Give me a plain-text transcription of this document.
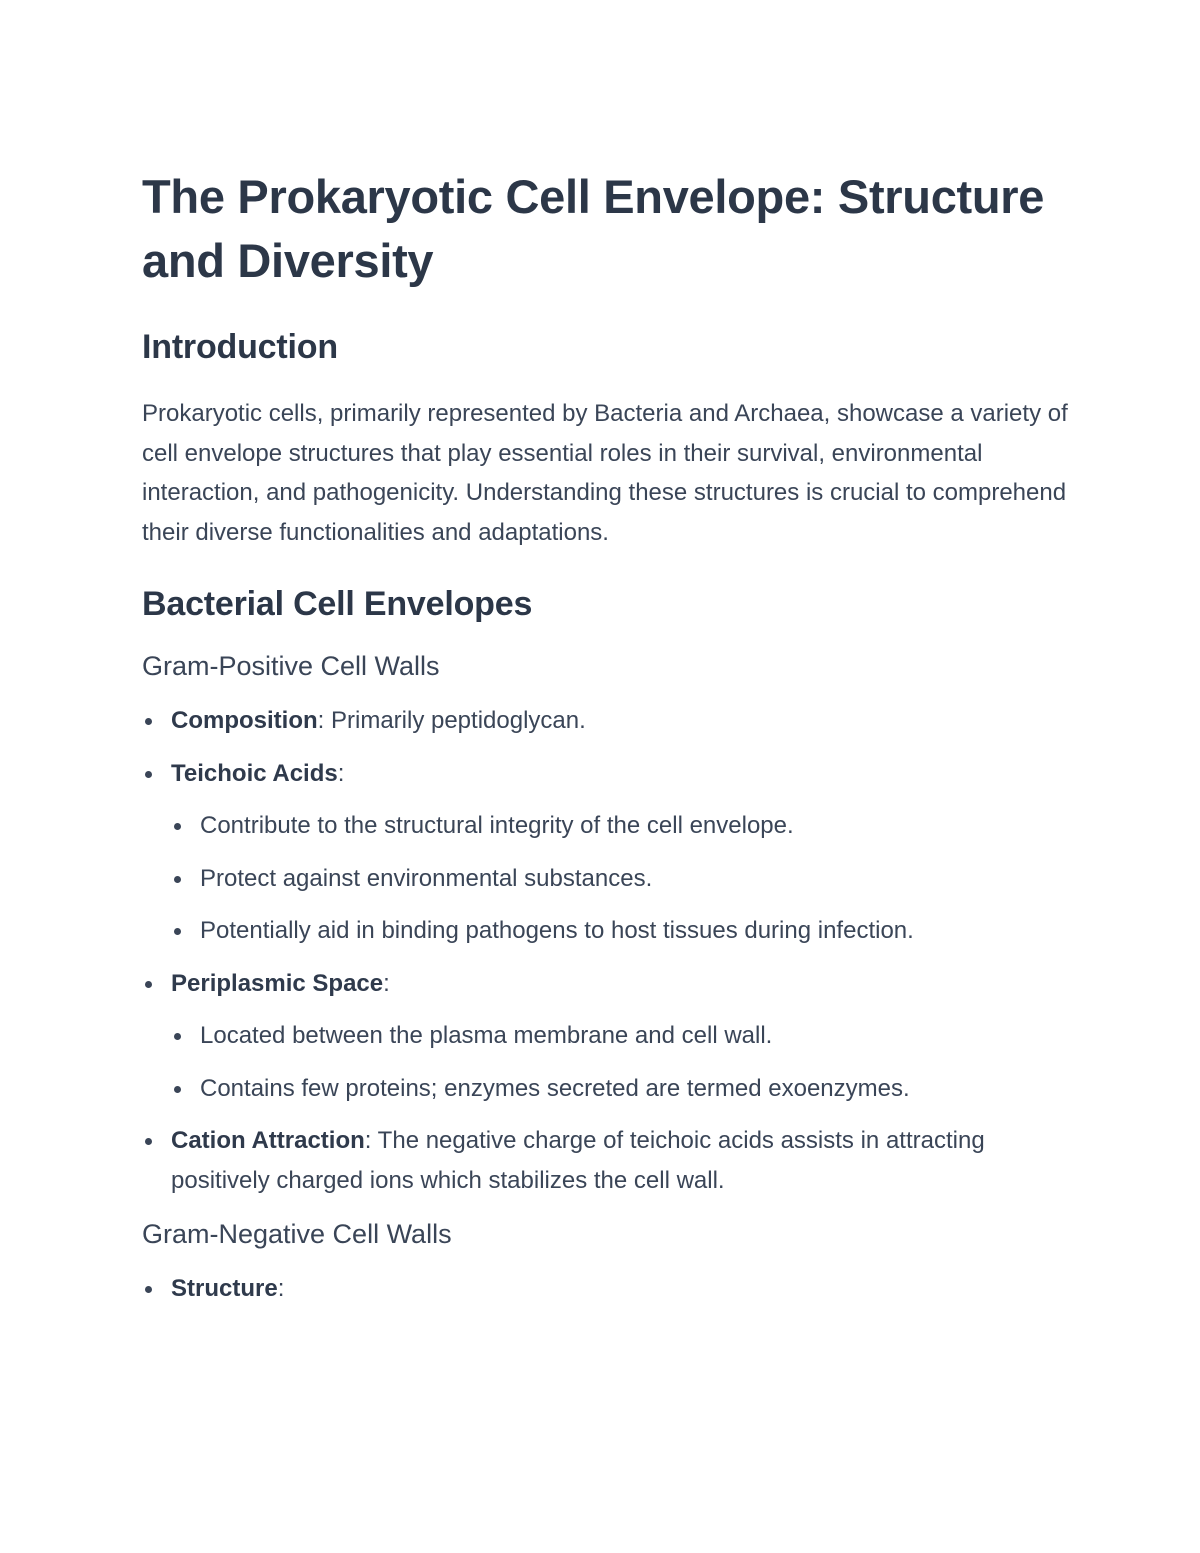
The Prokaryotic Cell Envelope: Structure and Diversity
Introduction

Prokaryotic cells, primarily represented by Bacteria and Archaea, showcase a variety of cell envelope structures that play essential roles in their survival, environmental interaction, and pathogenicity. Understanding these structures is crucial to comprehend their diverse functionalities and adaptations.

Bacterial Cell Envelopes
Gram-Positive Cell Walls
Composition: Primarily peptidoglycan.
Teichoic Acids:
Contribute to the structural integrity of the cell envelope.
Protect against environmental substances.
Potentially aid in binding pathogens to host tissues during infection.
Periplasmic Space:
Located between the plasma membrane and cell wall.
Contains few proteins; enzymes secreted are termed exoenzymes.
Cation Attraction: The negative charge of teichoic acids assists in attracting positively charged ions which stabilizes the cell wall.
Gram-Negative Cell Walls
Structure:
